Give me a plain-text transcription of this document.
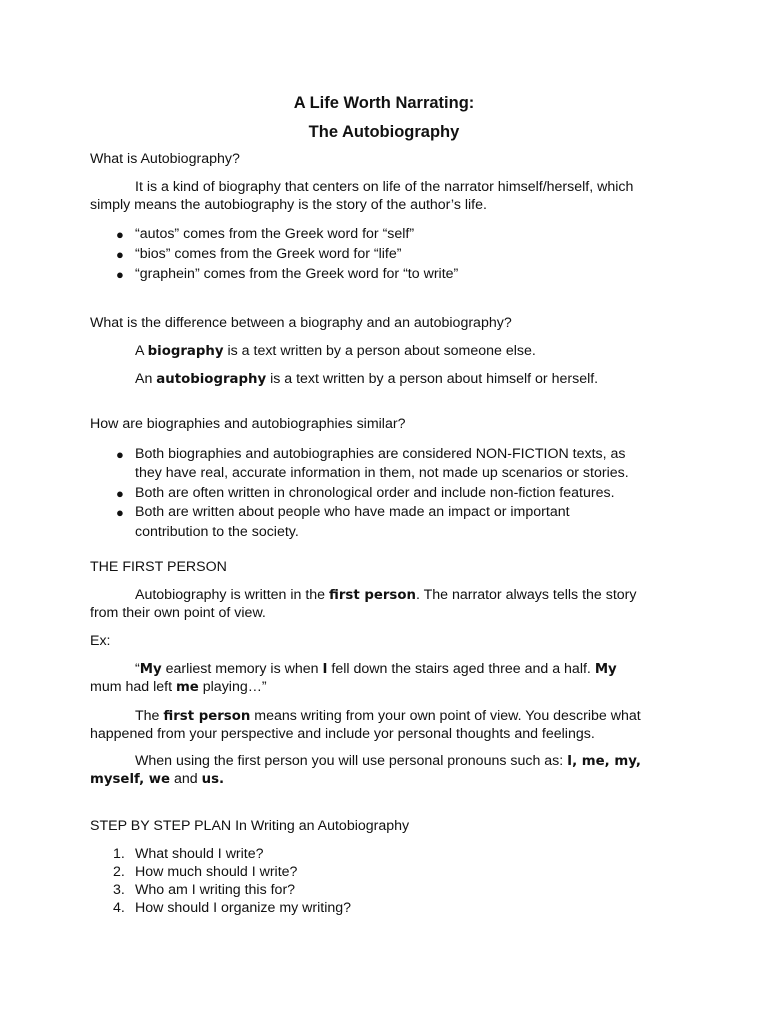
A Life Worth Narrating:
The Autobiography
What is Autobiography?
It is a kind of biography that centers on life of the narrator himself/herself, which
simply means the autobiography is the story of the author’s life.
● “autos” comes from the Greek word for “self”
● “bios” comes from the Greek word for “life”
● “graphein” comes from the Greek word for “to write”
What is the difference between a biography and an autobiography?
A biography is a text written by a person about someone else.
An autobiography is a text written by a person about himself or herself.
How are biographies and autobiographies similar?
● Both biographies and autobiographies are considered NON-FICTION texts, as
they have real, accurate information in them, not made up scenarios or stories.
● Both are often written in chronological order and include non-fiction features.
● Both are written about people who have made an impact or important
contribution to the society.
THE FIRST PERSON
Autobiography is written in the first person. The narrator always tells the story
from their own point of view.
Ex:
“My earliest memory is when I fell down the stairs aged three and a half. My
mum had left me playing…”
The first person means writing from your own point of view. You describe what
happened from your perspective and include yor personal thoughts and feelings.
When using the first person you will use personal pronouns such as: I, me, my,
myself, we and us.
STEP BY STEP PLAN In Writing an Autobiography
1. What should I write?
2. How much should I write?
3. Who am I writing this for?
4. How should I organize my writing?
